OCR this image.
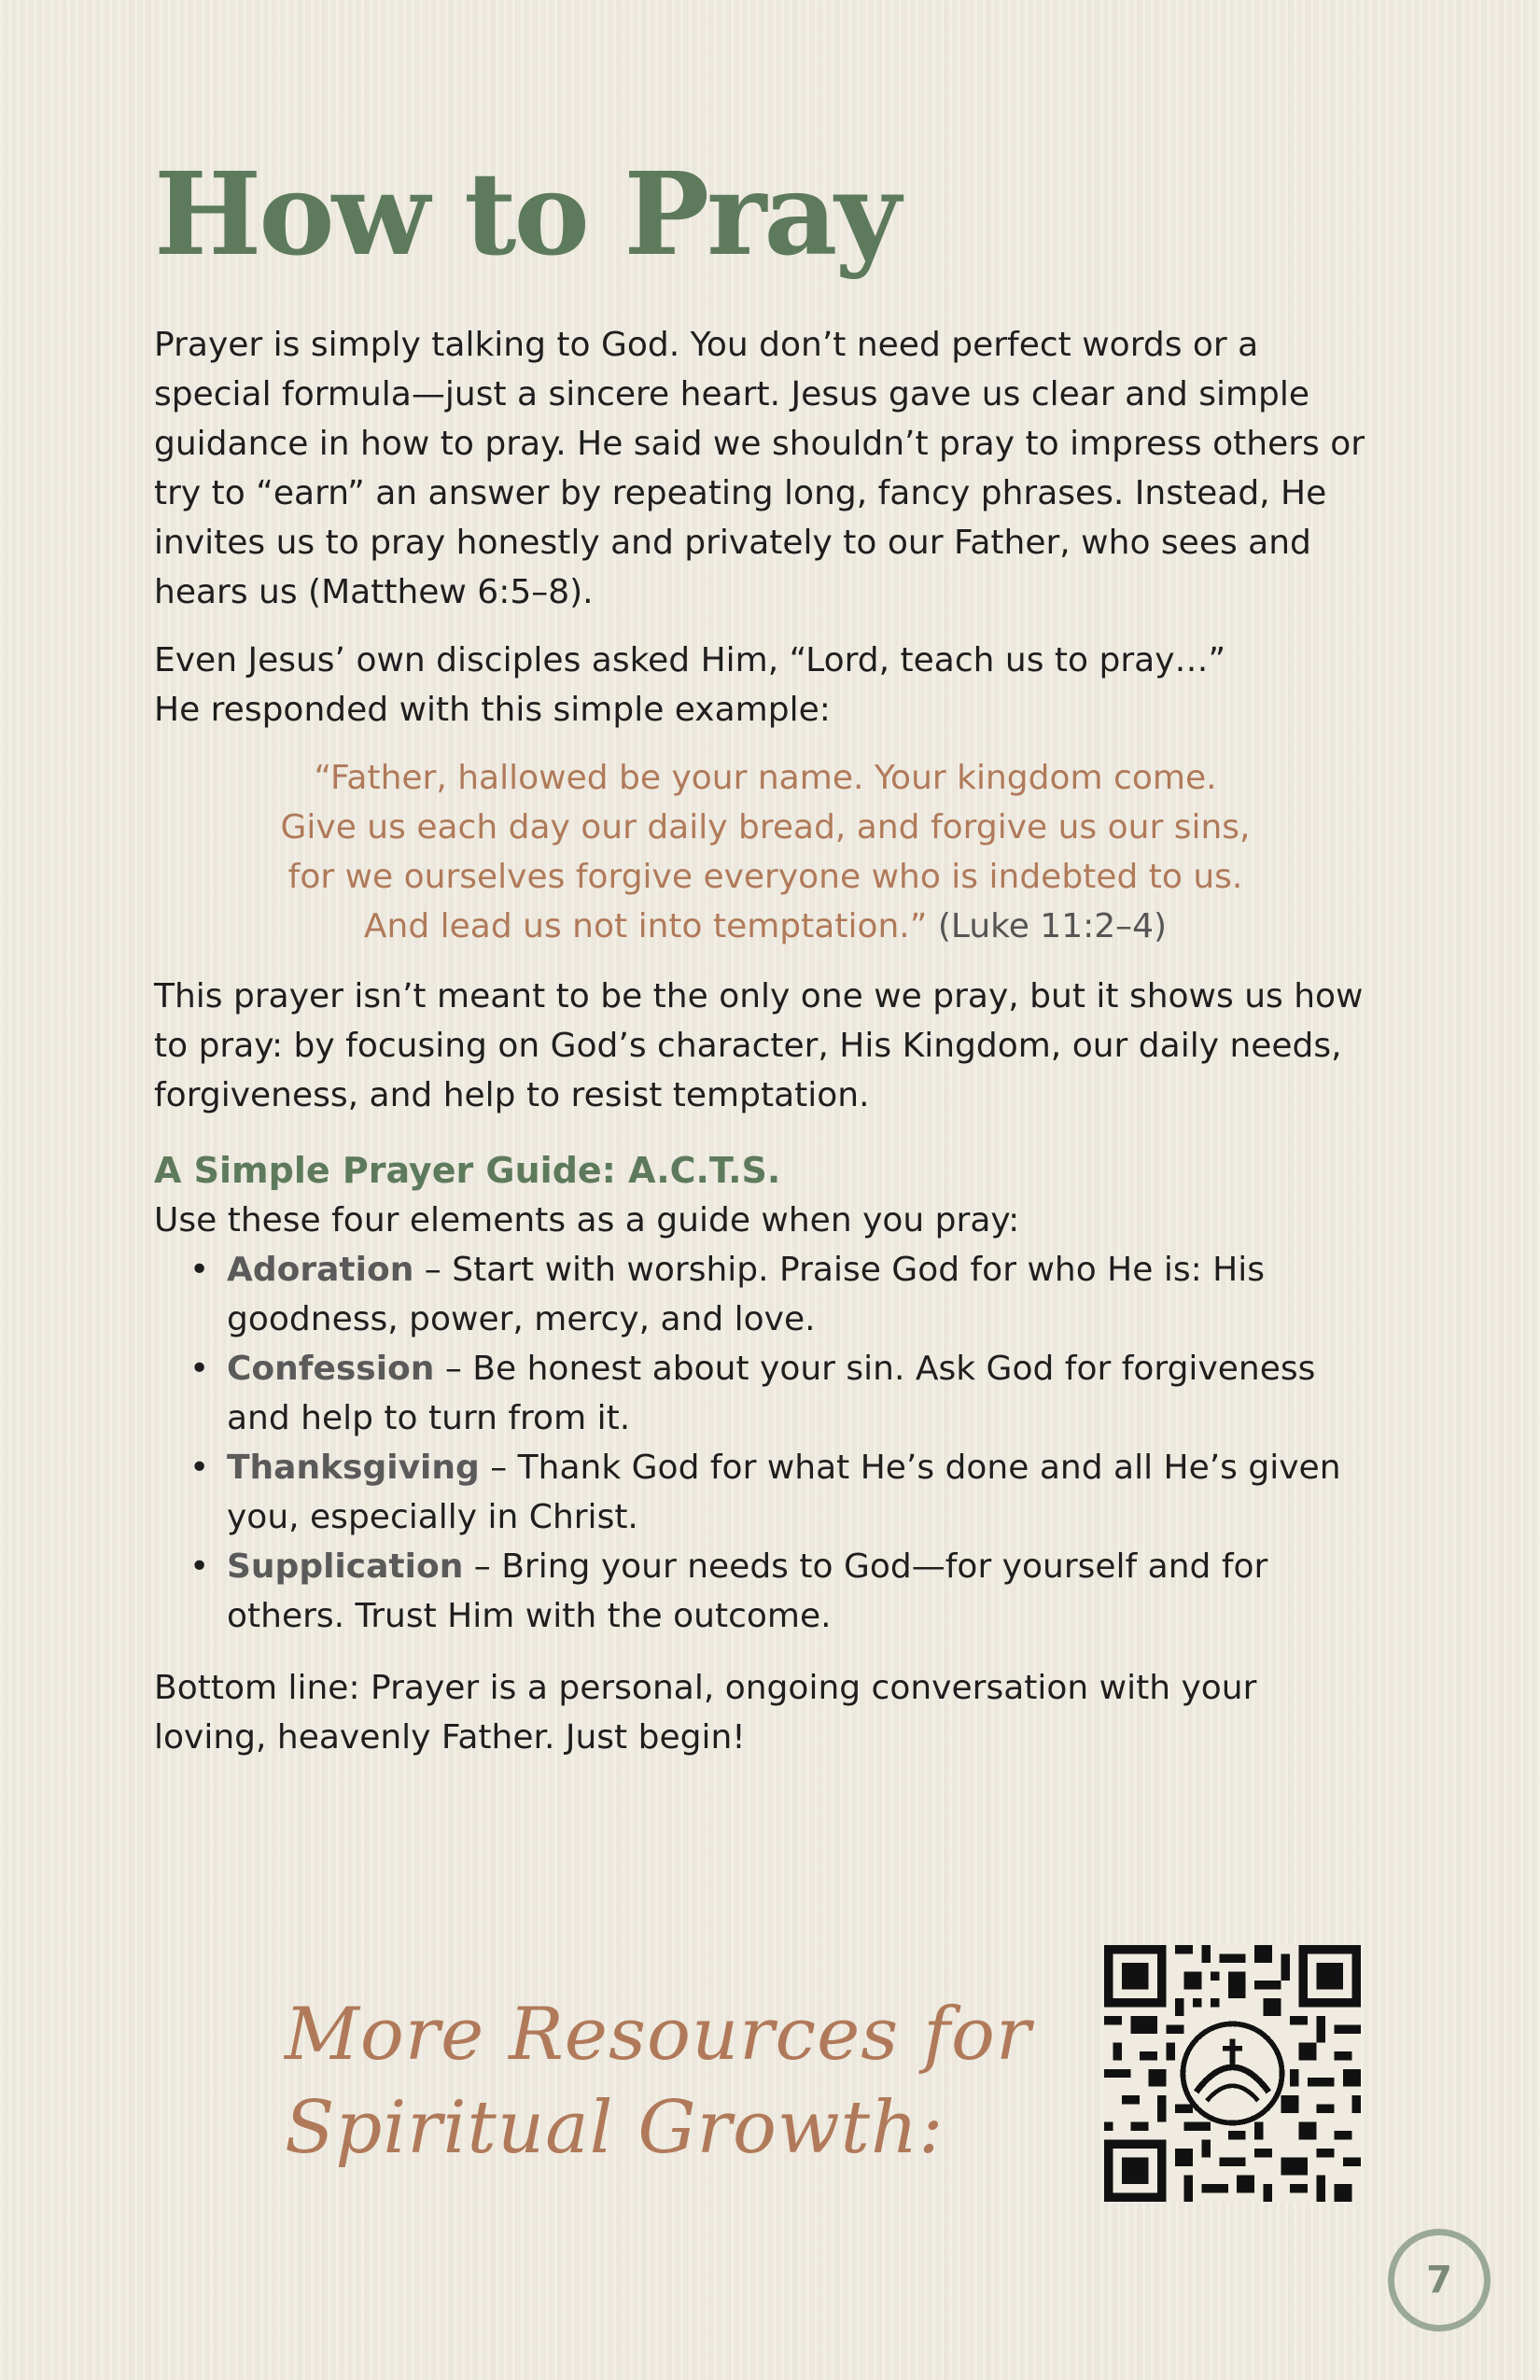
How to Pray

Prayer is simply talking to God. You don’t need perfect words or a special formula—just a sincere heart. Jesus gave us clear and simple guidance in how to pray. He said we shouldn’t pray to impress others or try to “earn” an answer by repeating long, fancy phrases. Instead, He invites us to pray honestly and privately to our Father, who sees and hears us (Matthew 6:5–8).

Even Jesus’ own disciples asked Him, “Lord, teach us to pray…”
He responded with this simple example:

“Father, hallowed be your name. Your kingdom come.
Give us each day our daily bread, and forgive us our sins,
for we ourselves forgive everyone who is indebted to us.
And lead us not into temptation.” (Luke 11:2–4)

This prayer isn’t meant to be the only one we pray, but it shows us how to pray: by focusing on God’s character, His Kingdom, our daily needs, forgiveness, and help to resist temptation.

A Simple Prayer Guide: A.C.T.S.
Use these four elements as a guide when you pray:
• Adoration – Start with worship. Praise God for who He is: His goodness, power, mercy, and love.
• Confession – Be honest about your sin. Ask God for forgiveness and help to turn from it.
• Thanksgiving – Thank God for what He’s done and all He’s given you, especially in Christ.
• Supplication – Bring your needs to God—for yourself and for others. Trust Him with the outcome.

Bottom line: Prayer is a personal, ongoing conversation with your loving, heavenly Father. Just begin!

More Resources for
Spiritual Growth:
7
